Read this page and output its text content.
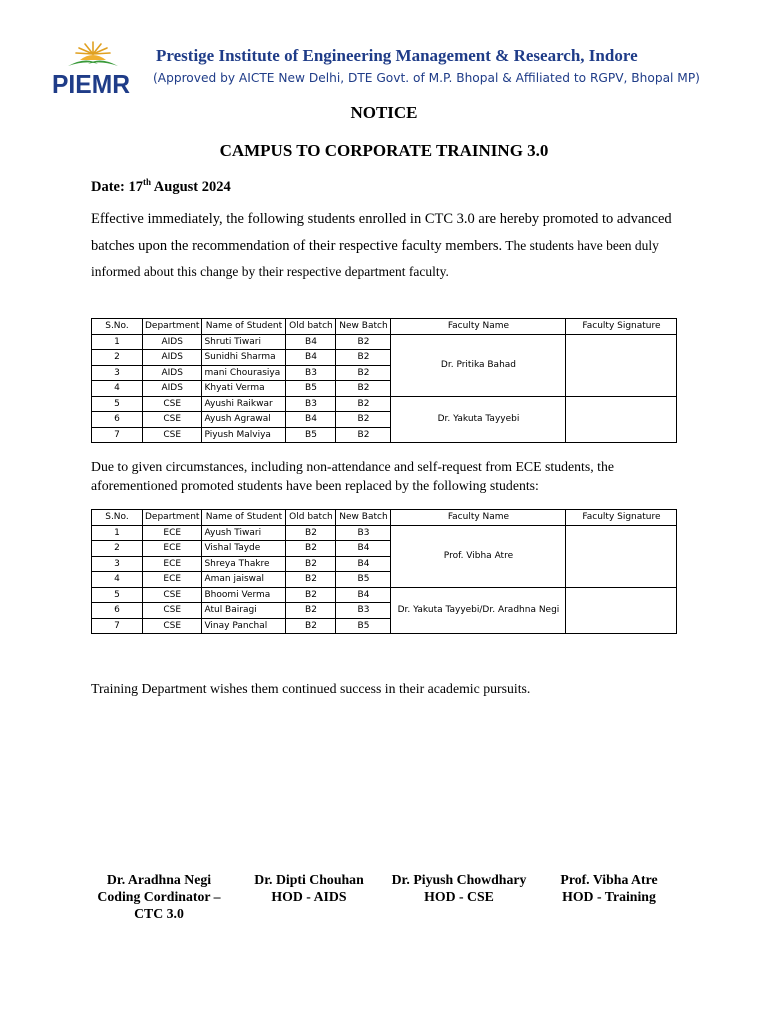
PIEMR
Prestige Institute of Engineering Management & Research, Indore
(Approved by AICTE New Delhi, DTE Govt. of M.P. Bhopal & Affiliated to RGPV, Bhopal MP)
NOTICE
CAMPUS TO CORPORATE TRAINING 3.0
Date: 17th August 2024
Effective immediately, the following students enrolled in CTC 3.0 are hereby promoted to advanced batches upon the recommendation of their respective faculty members. The students have been duly informed about this change by their respective department faculty.
S.No.	Department	Name of Student	Old batch	New Batch	Faculty Name	Faculty Signature
1	AIDS	Shruti Tiwari	B4	B2	Dr. Pritika Bahad	
2	AIDS	Sunidhi Sharma	B4	B2		
3	AIDS	mani Chourasiya	B3	B2		
4	AIDS	Khyati Verma	B5	B2		
5	CSE	Ayushi Raikwar	B3	B2	Dr. Yakuta Tayyebi	
6	CSE	Ayush Agrawal	B4	B2		
7	CSE	Piyush Malviya	B5	B2		
Due to given circumstances, including non-attendance and self-request from ECE students, the aforementioned promoted students have been replaced by the following students:
S.No.	Department	Name of Student	Old batch	New Batch	Faculty Name	Faculty Signature
1	ECE	Ayush Tiwari	B2	B3	Prof. Vibha Atre	
2	ECE	Vishal Tayde	B2	B4		
3	ECE	Shreya Thakre	B2	B4		
4	ECE	Aman jaiswal	B2	B5		
5	CSE	Bhoomi Verma	B2	B4	Dr. Yakuta Tayyebi/Dr. Aradhna Negi	
6	CSE	Atul Bairagi	B2	B3		
7	CSE	Vinay Panchal	B2	B5		
Training Department wishes them continued success in their academic pursuits.
Dr. Aradhna Negi
Coding Cordinator –
CTC 3.0
Dr. Dipti Chouhan
HOD - AIDS
Dr. Piyush Chowdhary
HOD - CSE
Prof. Vibha Atre
HOD - Training
